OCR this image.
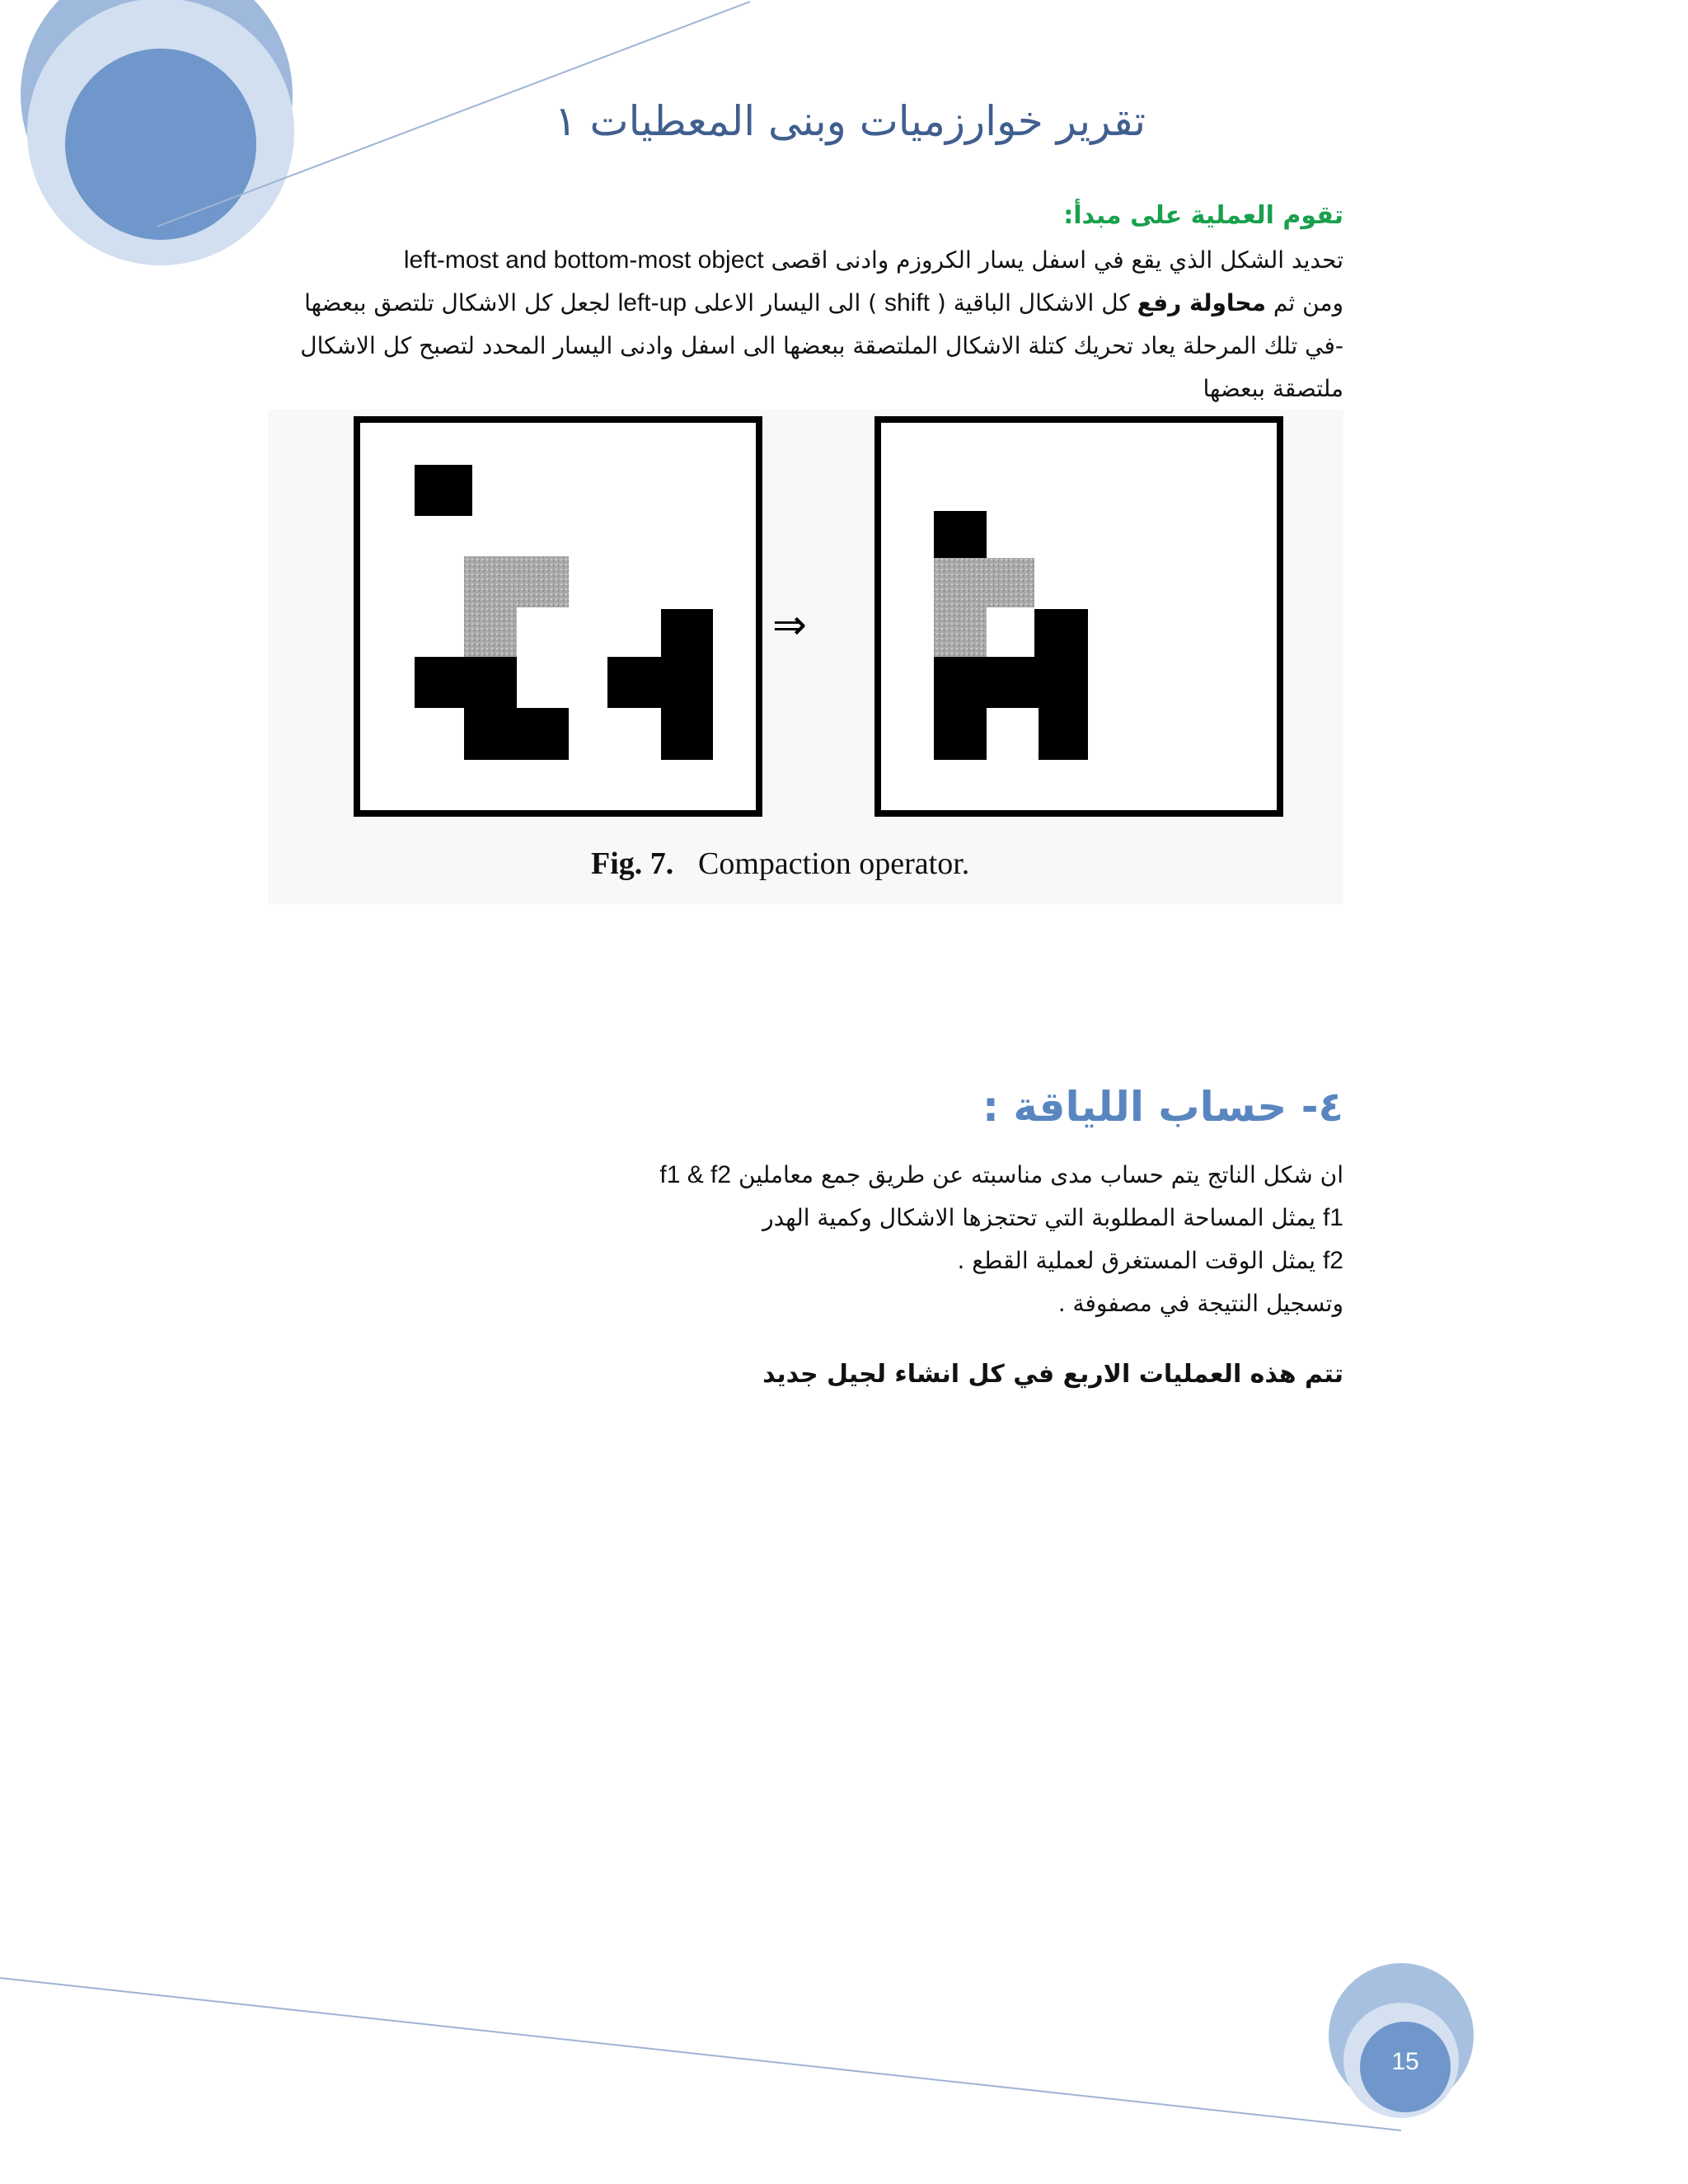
تقرير خوارزميات وبنى المعطيات ١
تقوم العملية على مبدأ:
تحديد الشكل الذي يقع في اسفل يسار الكروزم وادنى اقصى left-most and bottom-most object
ومن ثم محاولة رفع كل الاشكال الباقية ( shift ) الى اليسار الاعلى left-up لجعل كل الاشكال تلتصق ببعضها
-في تلك المرحلة يعاد تحريك كتلة الاشكال الملتصقة ببعضها الى اسفل وادنى اليسار المحدد لتصبح كل الاشكال
ملتصقة ببعضها
⇒
Fig. 7. Compaction operator.
٤- حساب اللياقة :
ان شكل الناتج يتم حساب مدى مناسبته عن طريق جمع معاملين f1 & f2
f1 يمثل المساحة المطلوبة التي تحتجزها الاشكال وكمية الهدر
f2 يمثل الوقت المستغرق لعملية القطع .
وتسجيل النتيجة في مصفوفة .
تتم هذه العمليات الاربع في كل انشاء لجيل جديد
15
